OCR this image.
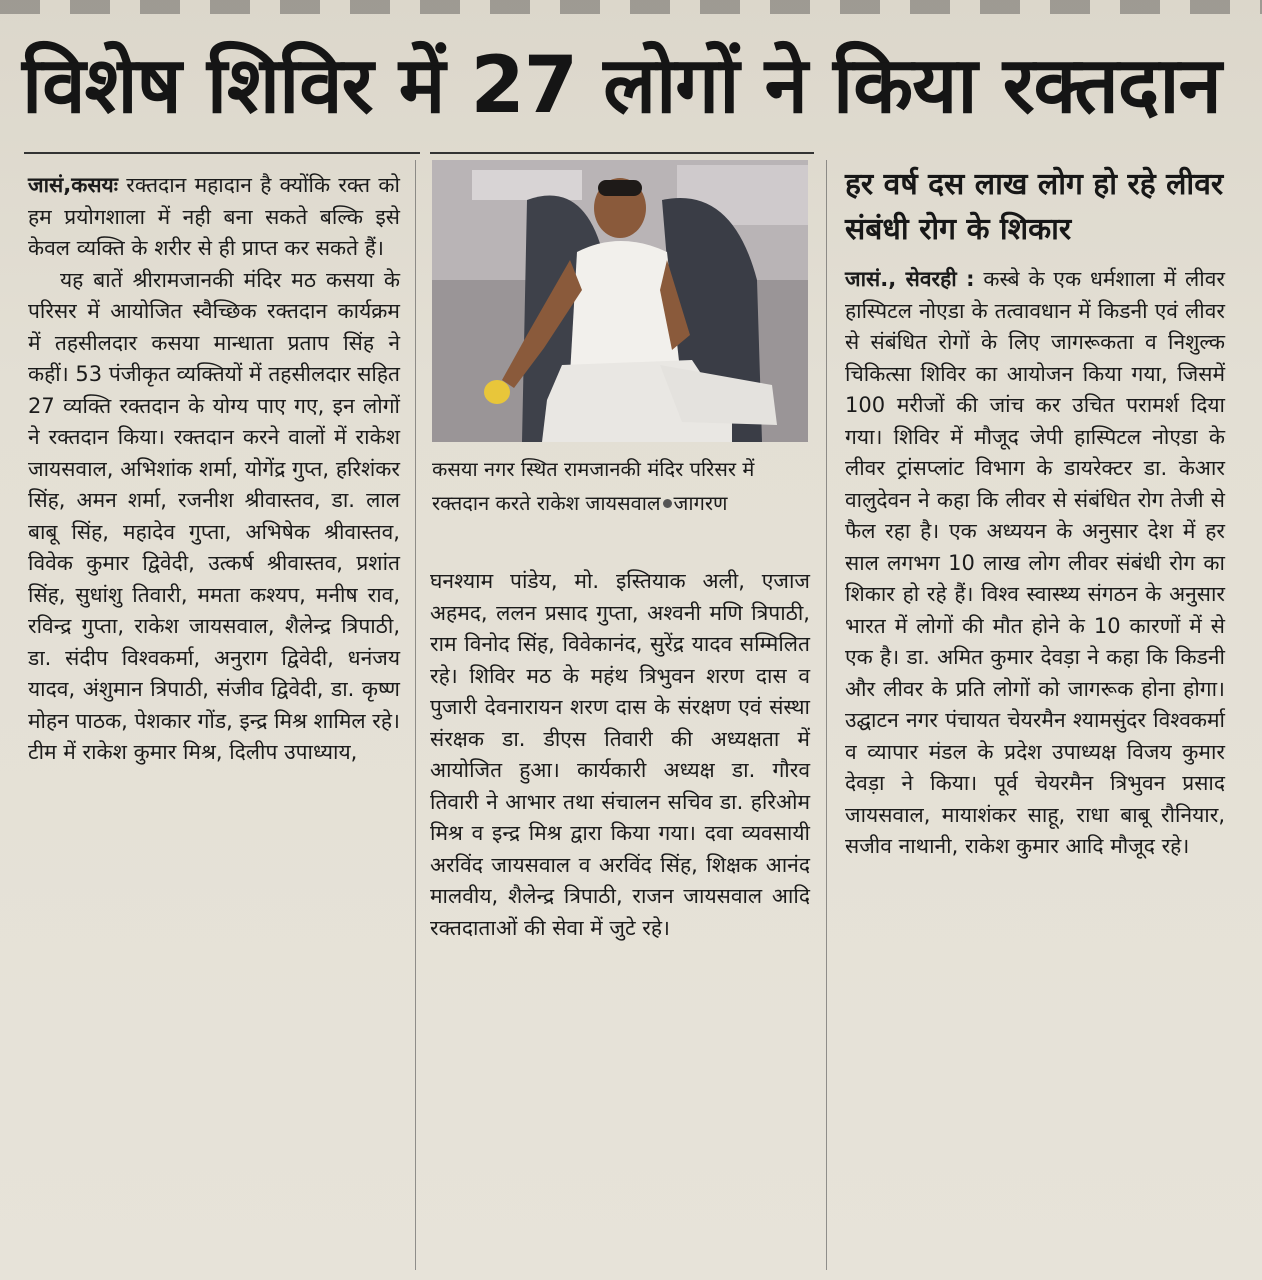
विशेष शिविर में 27 लोगों ने किया रक्तदान

जासं,कसयः रक्तदान महादान है क्योंकि रक्त को हम प्रयोगशाला में नही बना सकते बल्कि इसे केवल व्यक्ति के शरीर से ही प्राप्त कर सकते हैं।

यह बातें श्रीरामजानकी मंदिर मठ कसया के परिसर में आयोजित स्वैच्छिक रक्तदान कार्यक्रम में तहसीलदार कसया मान्धाता प्रताप सिंह ने कहीं। 53 पंजीकृत व्यक्तियों में तहसीलदार सहित 27 व्यक्ति रक्तदान के योग्य पाए गए, इन लोगों ने रक्तदान किया। रक्तदान करने वालों में राकेश जायसवाल, अभिशांक शर्मा, योगेंद्र गुप्त, हरिशंकर सिंह, अमन शर्मा, रजनीश श्रीवास्तव, डा. लाल बाबू सिंह, महादेव गुप्ता, अभिषेक श्रीवास्तव, विवेक कुमार द्विवेदी, उत्कर्ष श्रीवास्तव, प्रशांत सिंह, सुधांशु तिवारी, ममता कश्यप, मनीष राव, रविन्द्र गुप्ता, राकेश जायसवाल, शैलेन्द्र त्रिपाठी, डा. संदीप विश्वकर्मा, अनुराग द्विवेदी, धनंजय यादव, अंशुमान त्रिपाठी, संजीव द्विवेदी, डा. कृष्ण मोहन पाठक, पेशकार गोंड, इन्द्र मिश्र शामिल रहे। टीम में राकेश कुमार मिश्र, दिलीप उपाध्याय,

कसया नगर स्थित रामजानकी मंदिर परिसर में रक्तदान करते राकेश जायसवाल जागरण

घनश्याम पांडेय, मो. इस्तियाक अली, एजाज अहमद, ललन प्रसाद गुप्ता, अश्वनी मणि त्रिपाठी, राम विनोद सिंह, विवेकानंद, सुरेंद्र यादव सम्मिलित रहे। शिविर मठ के महंथ त्रिभुवन शरण दास व पुजारी देवनारायन शरण दास के संरक्षण एवं संस्था संरक्षक डा. डीएस तिवारी की अध्यक्षता में आयोजित हुआ। कार्यकारी अध्यक्ष डा. गौरव तिवारी ने आभार तथा संचालन सचिव डा. हरिओम मिश्र व इन्द्र मिश्र द्वारा किया गया। दवा व्यवसायी अरविंद जायसवाल व अरविंद सिंह, शिक्षक आनंद मालवीय, शैलेन्द्र त्रिपाठी, राजन जायसवाल आदि रक्तदाताओं की सेवा में जुटे रहे।

हर वर्ष दस लाख लोग हो रहे लीवर संबंधी रोग के शिकार

जासं., सेवरही : कस्बे के एक धर्मशाला में लीवर हास्पिटल नोएडा के तत्वावधान में किडनी एवं लीवर से संबंधित रोगों के लिए जागरूकता व निशुल्क चिकित्सा शिविर का आयोजन किया गया, जिसमें 100 मरीजों की जांच कर उचित परामर्श दिया गया। शिविर में मौजूद जेपी हास्पिटल नोएडा के लीवर ट्रांसप्लांट विभाग के डायरेक्टर डा. केआर वालुदेवन ने कहा कि लीवर से संबंधित रोग तेजी से फैल रहा है। एक अध्ययन के अनुसार देश में हर साल लगभग 10 लाख लोग लीवर संबंधी रोग का शिकार हो रहे हैं। विश्व स्वास्थ्य संगठन के अनुसार भारत में लोगों की मौत होने के 10 कारणों में से एक है। डा. अमित कुमार देवड़ा ने कहा कि किडनी और लीवर के प्रति लोगों को जागरूक होना होगा। उद्घाटन नगर पंचायत चेयरमैन श्यामसुंदर विश्वकर्मा व व्यापार मंडल के प्रदेश उपाध्यक्ष विजय कुमार देवड़ा ने किया। पूर्व चेयरमैन त्रिभुवन प्रसाद जायसवाल, मायाशंकर साहू, राधा बाबू रौनियार, सजीव नाथानी, राकेश कुमार आदि मौजूद रहे।
